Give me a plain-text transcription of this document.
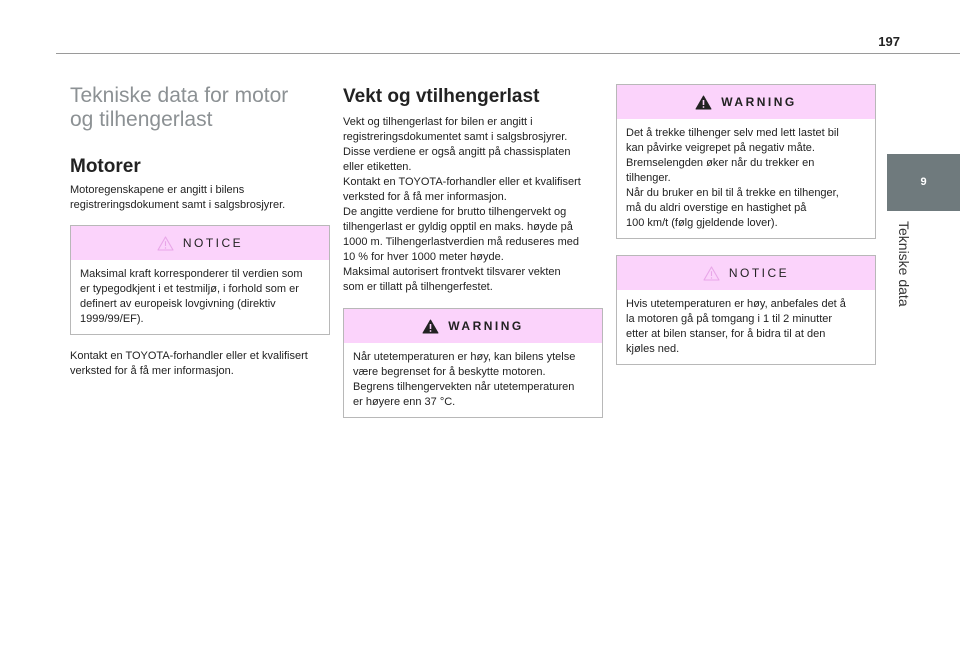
197
9
Tekniske data
Tekniske data for motor
og tilhengerlast
Motorer

Motoregenskapene er angitt i bilens
registreringsdokument samt i salgsbrosjyrer.

NOTICE
Maksimal kraft korresponderer til verdien som
er typegodkjent i et testmiljø, i forhold som er
definert av europeisk lovgivning (direktiv
1999/99/EF).

Kontakt en TOYOTA-forhandler eller et kvalifisert
verksted for å få mer informasjon.

Vekt og vtilhengerlast

Vekt og tilhengerlast for bilen er angitt i
registreringsdokumentet samt i salgsbrosjyrer.
Disse verdiene er også angitt på chassisplaten
eller etiketten.
Kontakt en TOYOTA-forhandler eller et kvalifisert
verksted for å få mer informasjon.
De angitte verdiene for brutto tilhengervekt og
tilhengerlast er gyldig opptil en maks. høyde på
1000 m. Tilhengerlastverdien må reduseres med
10 % for hver 1000 meter høyde.
Maksimal autorisert frontvekt tilsvarer vekten
som er tillatt på tilhengerfestet.

WARNING
Når utetemperaturen er høy, kan bilens ytelse
være begrenset for å beskytte motoren.
Begrens tilhengervekten når utetemperaturen
er høyere enn 37 °C.
WARNING
Det å trekke tilhenger selv med lett lastet bil
kan påvirke veigrepet på negativ måte.
Bremselengden øker når du trekker en
tilhenger.
Når du bruker en bil til å trekke en tilhenger,
må du aldri overstige en hastighet på
100 km/t (følg gjeldende lover).
NOTICE
Hvis utetemperaturen er høy, anbefales det å
la motoren gå på tomgang i 1 til 2 minutter
etter at bilen stanser, for å bidra til at den
kjøles ned.
